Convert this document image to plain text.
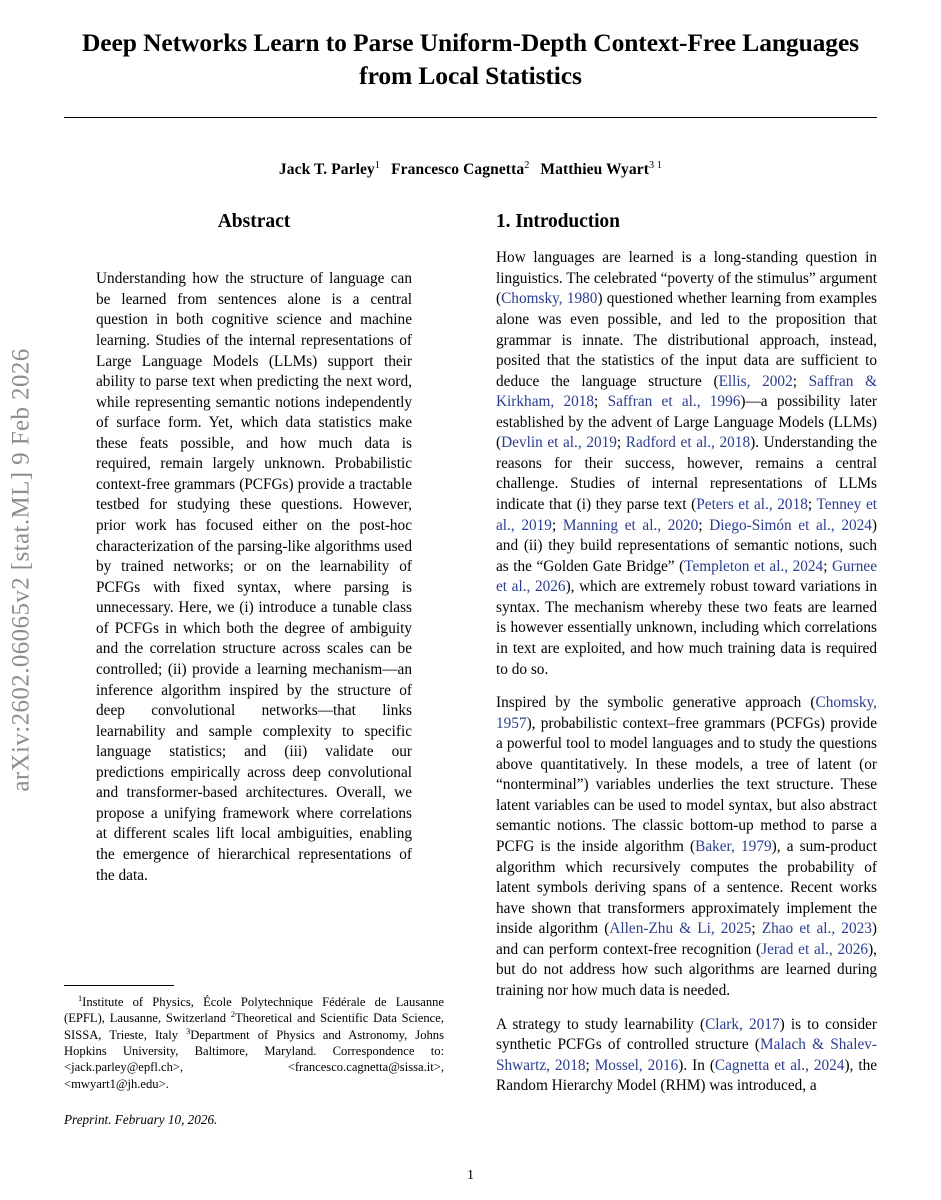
arXiv:2602.06065v2 [stat.ML] 9 Feb 2026
Deep Networks Learn to Parse Uniform-Depth Context-Free Languages from Local Statistics
Jack T. Parley$^1$ Francesco Cagnetta$^2$ Matthieu Wyart$^{3 1}$
Abstract

Understanding how the structure of language can be learned from sentences alone is a central question in both cognitive science and machine learning. Studies of the internal representations of Large Language Models (LLMs) support their ability to parse text when predicting the next word, while representing semantic notions independently of surface form. Yet, which data statistics make these feats possible, and how much data is required, remain largely unknown. Probabilistic context-free grammars (PCFGs) provide a tractable testbed for studying these questions. However, prior work has focused either on the post-hoc characterization of the parsing-like algorithms used by trained networks; or on the learnability of PCFGs with fixed syntax, where parsing is unnecessary. Here, we (i) introduce a tunable class of PCFGs in which both the degree of ambiguity and the correlation structure across scales can be controlled; (ii) provide a learning mechanism—an inference algorithm inspired by the structure of deep convolutional networks—that links learnability and sample complexity to specific language statistics; and (iii) validate our predictions empirically across deep convolutional and transformer-based architectures. Overall, we propose a unifying framework where correlations at different scales lift local ambiguities, enabling the emergence of hierarchical representations of the data.

1. Introduction

How languages are learned is a long-standing question in linguistics. The celebrated “poverty of the stimulus” argument (Chomsky, 1980) questioned whether learning from examples alone was even possible, and led to the proposition that grammar is innate. The distributional approach, instead, posited that the statistics of the input data are sufficient to deduce the language structure (Ellis, 2002; Saffran & Kirkham, 2018; Saffran et al., 1996)—a possibility later established by the advent of Large Language Models (LLMs) (Devlin et al., 2019; Radford et al., 2018). Understanding the reasons for their success, however, remains a central challenge. Studies of internal representations of LLMs indicate that (i) they parse text (Peters et al., 2018; Tenney et al., 2019; Manning et al., 2020; Diego-Simón et al., 2024) and (ii) they build representations of semantic notions, such as the “Golden Gate Bridge” (Templeton et al., 2024; Gurnee et al., 2026), which are extremely robust toward variations in syntax. The mechanism whereby these two feats are learned is however essentially unknown, including which correlations in text are exploited, and how much training data is required to do so.

Inspired by the symbolic generative approach (Chomsky, 1957), probabilistic context–free grammars (PCFGs) provide a powerful tool to model languages and to study the questions above quantitatively. In these models, a tree of latent (or “nonterminal”) variables underlies the text structure. These latent variables can be used to model syntax, but also abstract semantic notions. The classic bottom-up method to parse a PCFG is the inside algorithm (Baker, 1979), a sum-product algorithm which recursively computes the probability of latent symbols deriving spans of a sentence. Recent works have shown that transformers approximately implement the inside algorithm (Allen-Zhu & Li, 2025; Zhao et al., 2023) and can perform context-free recognition (Jerad et al., 2026), but do not address how such algorithms are learned during training nor how much data is needed.

A strategy to study learnability (Clark, 2017) is to consider synthetic PCFGs of controlled structure (Malach & Shalev-Shwartz, 2018; Mossel, 2016). In (Cagnetta et al., 2024), the Random Hierarchy Model (RHM) was introduced, a

$^1$Institute of Physics, École Polytechnique Fédérale de Lausanne (EPFL), Lausanne, Switzerland $^2$Theoretical and Scientific Data Science, SISSA, Trieste, Italy $^3$Department of Physics and Astronomy, Johns Hopkins University, Baltimore, Maryland. Correspondence to: <jack.parley@epfl.ch>, <francesco.cagnetta@sissa.it>, <mwyart1@jh.edu>.

Preprint. February 10, 2026.

1
